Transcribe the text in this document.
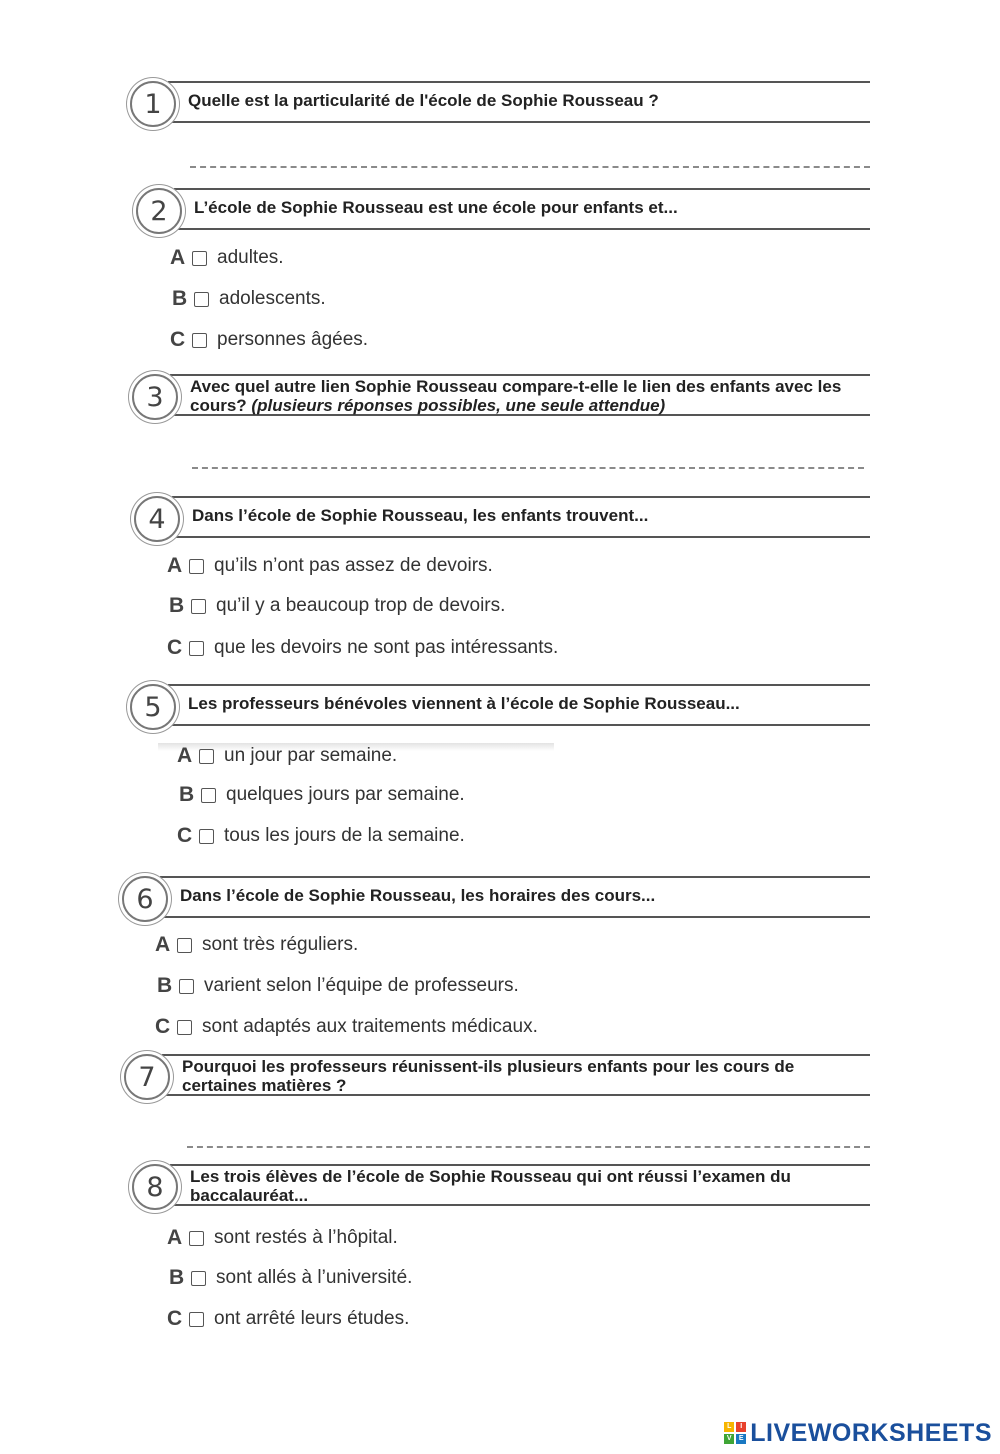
1	Quelle est la particularité de l'école de Sophie Rousseau ?
2	L’école de Sophie Rousseau est une école pour enfants et...
A	adultes.
B	adolescents.
C	personnes âgées.
3	Avec quel autre lien Sophie Rousseau compare-t-elle le lien des enfants avec les cours? (plusieurs réponses possibles, une seule attendue)
4	Dans l’école de Sophie Rousseau, les enfants trouvent...
A	qu’ils n’ont pas assez de devoirs.
B	qu’il y a beaucoup trop de devoirs.
C	que les devoirs ne sont pas intéressants.
5	Les professeurs bénévoles viennent à l’école de Sophie Rousseau...
A	un jour par semaine.
B	quelques jours par semaine.
C	tous les jours de la semaine.
6	Dans l’école de Sophie Rousseau, les horaires des cours...
A	sont très réguliers.
B	varient selon l’équipe de professeurs.
C	sont adaptés aux traitements médicaux.
7	Pourquoi les professeurs réunissent-ils plusieurs enfants pour les cours de certaines matières ?
8	Les trois élèves de l’école de Sophie Rousseau qui ont réussi l’examen du baccalauréat...
A	sont restés à l’hôpital.
B	sont allés à l’université.
C	ont arrêté leurs études.
L	I
V	E LIVEWORKSHEETS
